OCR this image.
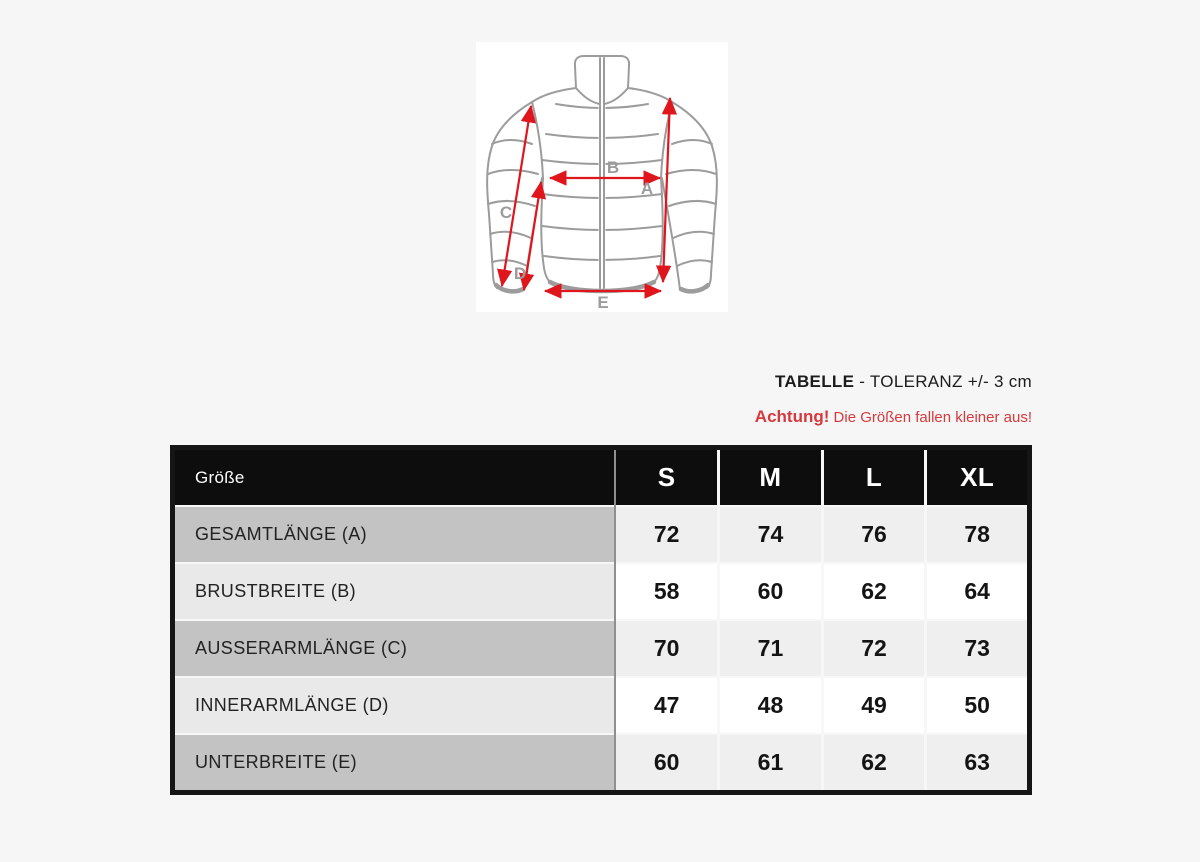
B
A
C
D
E
TABELLE - TOLERANZ +/- 3 cm
Achtung! Die Größen fallen kleiner aus!
Größe	S	M	L	XL
GESAMTLÄNGE (A)	72	74	76	78
BRUSTBREITE (B)	58	60	62	64
AUSSERARMLÄNGE (C)	70	71	72	73
INNERARMLÄNGE (D)	47	48	49	50
UNTERBREITE (E)	60	61	62	63
